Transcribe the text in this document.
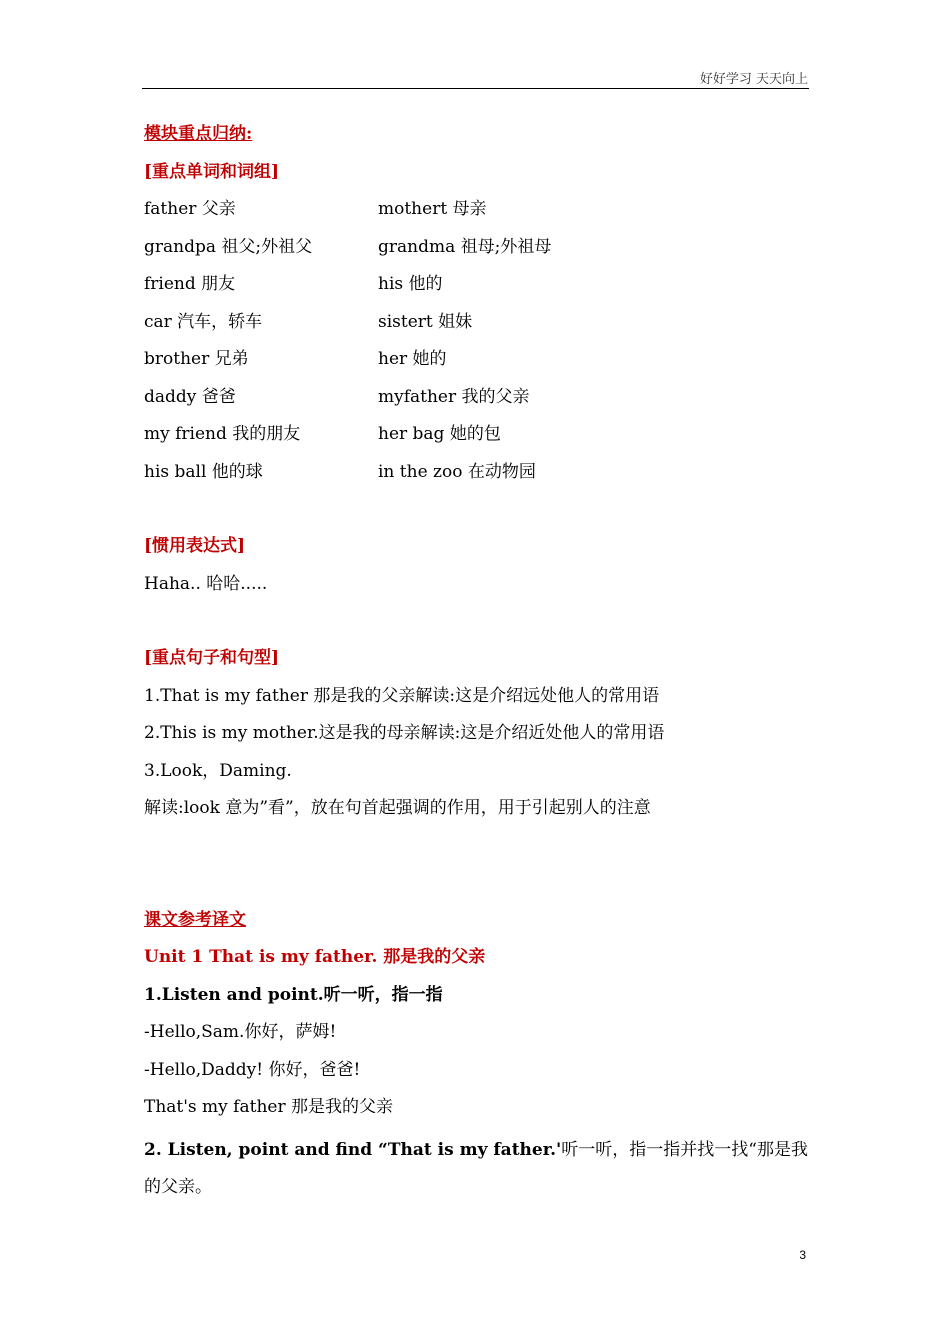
好好学习 天天向上
模块重点归纳:
[重点单词和词组]
father 父亲	mothert 母亲
grandpa 祖父;外祖父	grandma 祖母;外祖母
friend 朋友	his 他的
car 汽车，轿车	sistert 姐妹
brother 兄弟	her 她的
daddy 爸爸	myfather 我的父亲
my friend 我的朋友	her bag 她的包
his ball 他的球	in the zoo 在动物园
[惯用表达式]
Haha.. 哈哈.....
[重点句子和句型]
1.That is my father 那是我的父亲解读:这是介绍远处他人的常用语
2.This is my mother.这是我的母亲解读:这是介绍近处他人的常用语
3.Look，Daming.
解读:look 意为”看”，放在句首起强调的作用，用于引起别人的注意
课文参考译文
Unit 1 That is my father. 那是我的父亲
1.Listen and point.听一听，指一指
-Hello,Sam.你好，萨姆!
-Hello,Daddy! 你好，爸爸!
That's my father 那是我的父亲
2. Listen, point and find “That is my father.'听一听，指一指并找一找“那是我的父亲。
3
